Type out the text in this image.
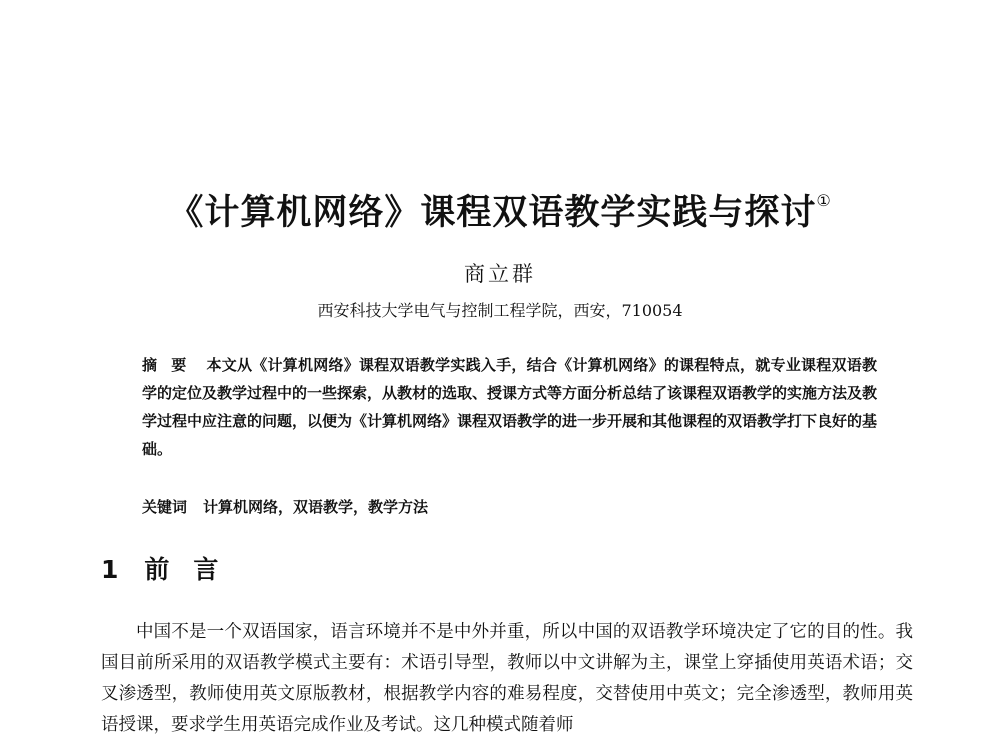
《计算机网络》课程双语教学实践与探讨①
商立群
西安科技大学电气与控制工程学院，西安，710054
摘要 本文从《计算机网络》课程双语教学实践入手，结合《计算机网络》的课程特点，就专业课程双语教学的定位及教学过程中的一些探索，从教材的选取、授课方式等方面分析总结了该课程双语教学的实施方法及教学过程中应注意的问题，以便为《计算机网络》课程双语教学的进一步开展和其他课程的双语教学打下良好的基础。
关键词 计算机网络，双语教学，教学方法
1 前言
中国不是一个双语国家，语言环境并不是中外并重，所以中国的双语教学环境决定了它的目的性。我国目前所采用的双语教学模式主要有：术语引导型，教师以中文讲解为主，课堂上穿插使用英语术语；交叉渗透型，教师使用英文原版教材，根据教学内容的难易程度，交替使用中英文；完全渗透型，教师用英语授课，要求学生用英语完成作业及考试。这几种模式随着师
